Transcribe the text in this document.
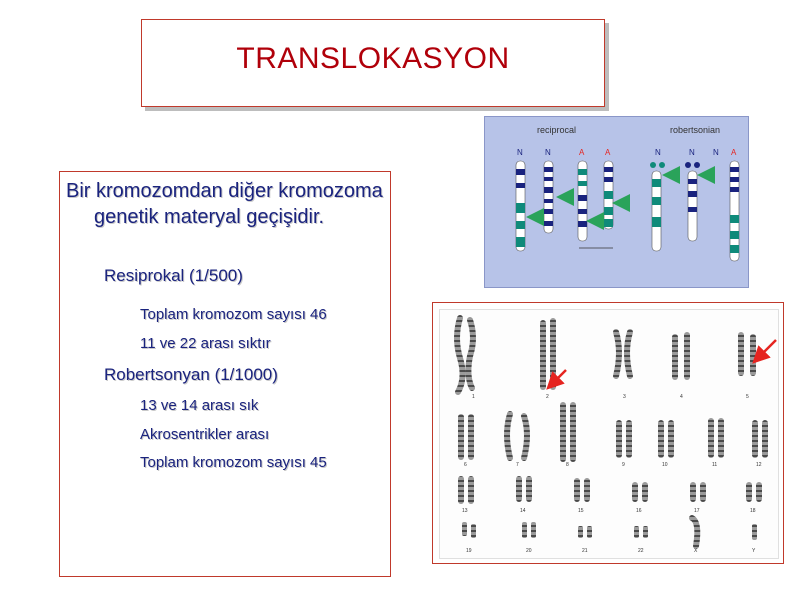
TRANSLOKASYON
Bir kromozomdan diğer kromozoma genetik materyal geçişidir.
Resiprokal (1/500)
Toplam kromozom sayısı 46
11 ve 22 arası sıktır
Robertsonyan (1/1000)
13 ve 14 arası sık
Akrosentrikler arası
Toplam kromozom sayısı 45
reciprocal	robertsonian
N	N	A	A	N	N N A
1	2	3	4	5
6	7	8	9	10	11	12
13	14	15	16	17	18
19	20	21	22	X	Y
